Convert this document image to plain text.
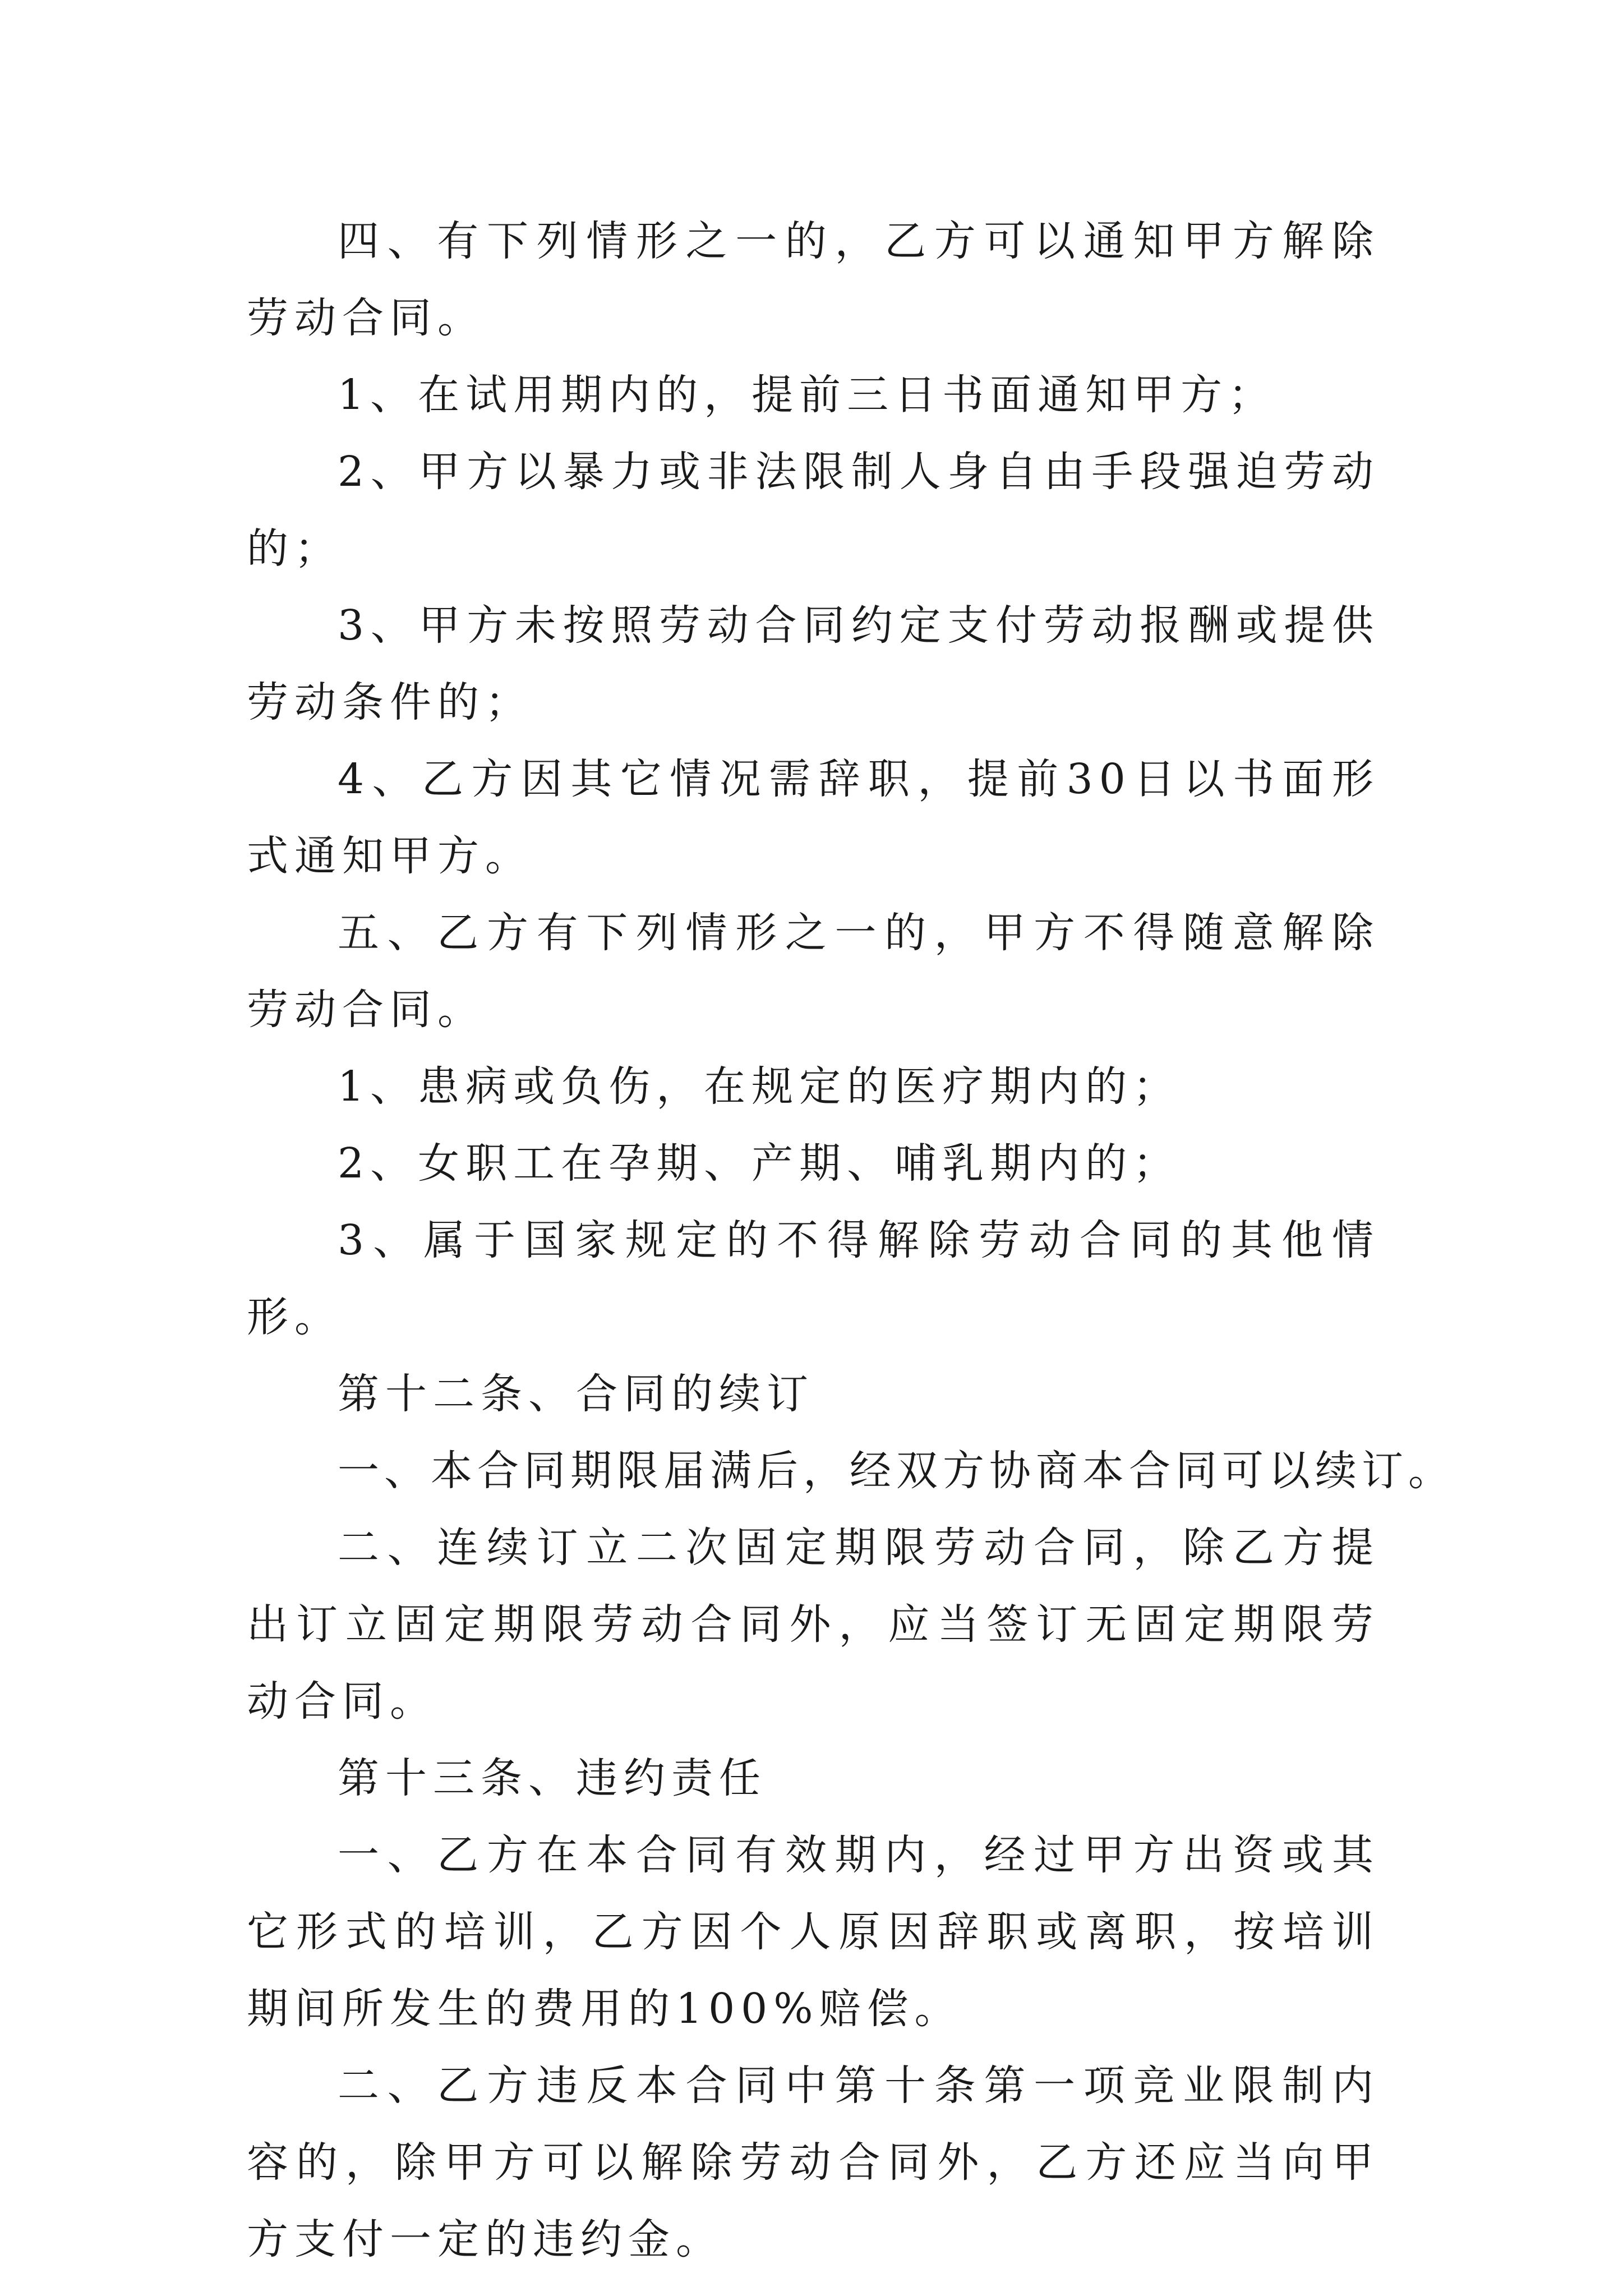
四、有下列情形之一的，乙方可以通知甲方解除劳动合同。

1、在试用期内的，提前三日书面通知甲方；

2、甲方以暴力或非法限制人身自由手段强迫劳动的；

3、甲方未按照劳动合同约定支付劳动报酬或提供劳动条件的；

4、乙方因其它情况需辞职，提前30日以书面形式通知甲方。

五、乙方有下列情形之一的，甲方不得随意解除劳动合同。

1、患病或负伤，在规定的医疗期内的；

2、女职工在孕期、产期、哺乳期内的；

3、属于国家规定的不得解除劳动合同的其他情形。

第十二条、合同的续订

一、本合同期限届满后，经双方协商本合同可以续订。

二、连续订立二次固定期限劳动合同，除乙方提出订立固定期限劳动合同外，应当签订无固定期限劳动合同。

第十三条、违约责任

一、乙方在本合同有效期内，经过甲方出资或其它形式的培训，乙方因个人原因辞职或离职，按培训期间所发生的费用的100%赔偿。

二、乙方违反本合同中第十条第一项竞业限制内容的，除甲方可以解除劳动合同外，乙方还应当向甲方支付一定的违约金。
